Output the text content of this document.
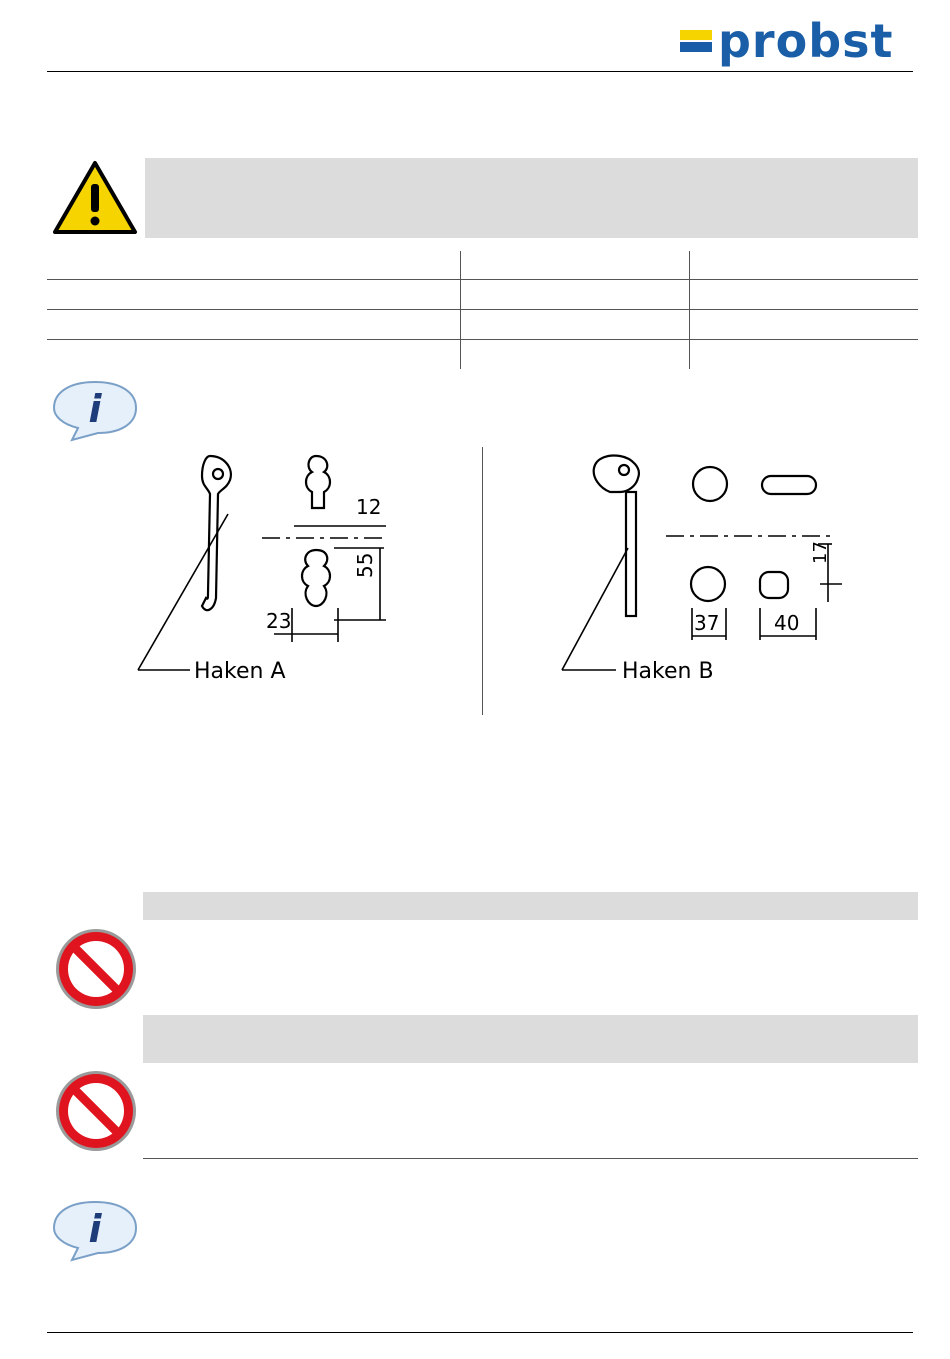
probst
i
12
55
23
Haken A
17
37	40
Haken B
i
